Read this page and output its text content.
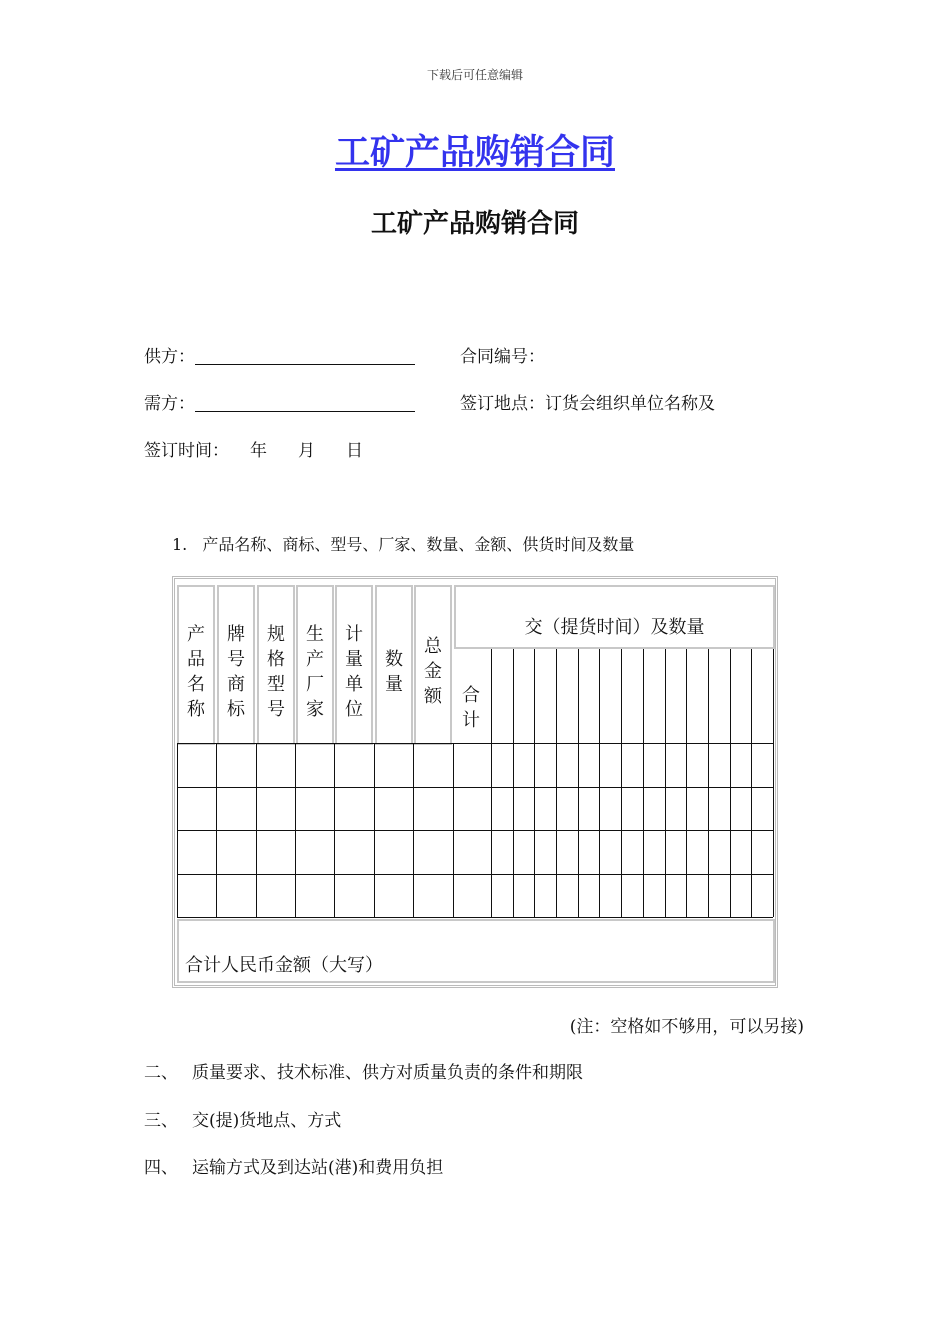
下载后可任意编辑
工矿产品购销合同
工矿产品购销合同
供方：	合同编号：
需方：	签订地点：订货会组织单位名称及
签订时间： 年 月 日
1. 产品名称、商标、型号、厂家、数量、金额、供货时间及数量
产品名称
牌号商标
规格型号
生产厂家
计量单位
数量
总金额
交（提货时间）及数量
合计
合计人民币金额（大写）
(注：空格如不够用，可以另接)
二、 质量要求、技术标准、供方对质量负责的条件和期限
三、 交(提)货地点、方式
四、 运输方式及到达站(港)和费用负担
